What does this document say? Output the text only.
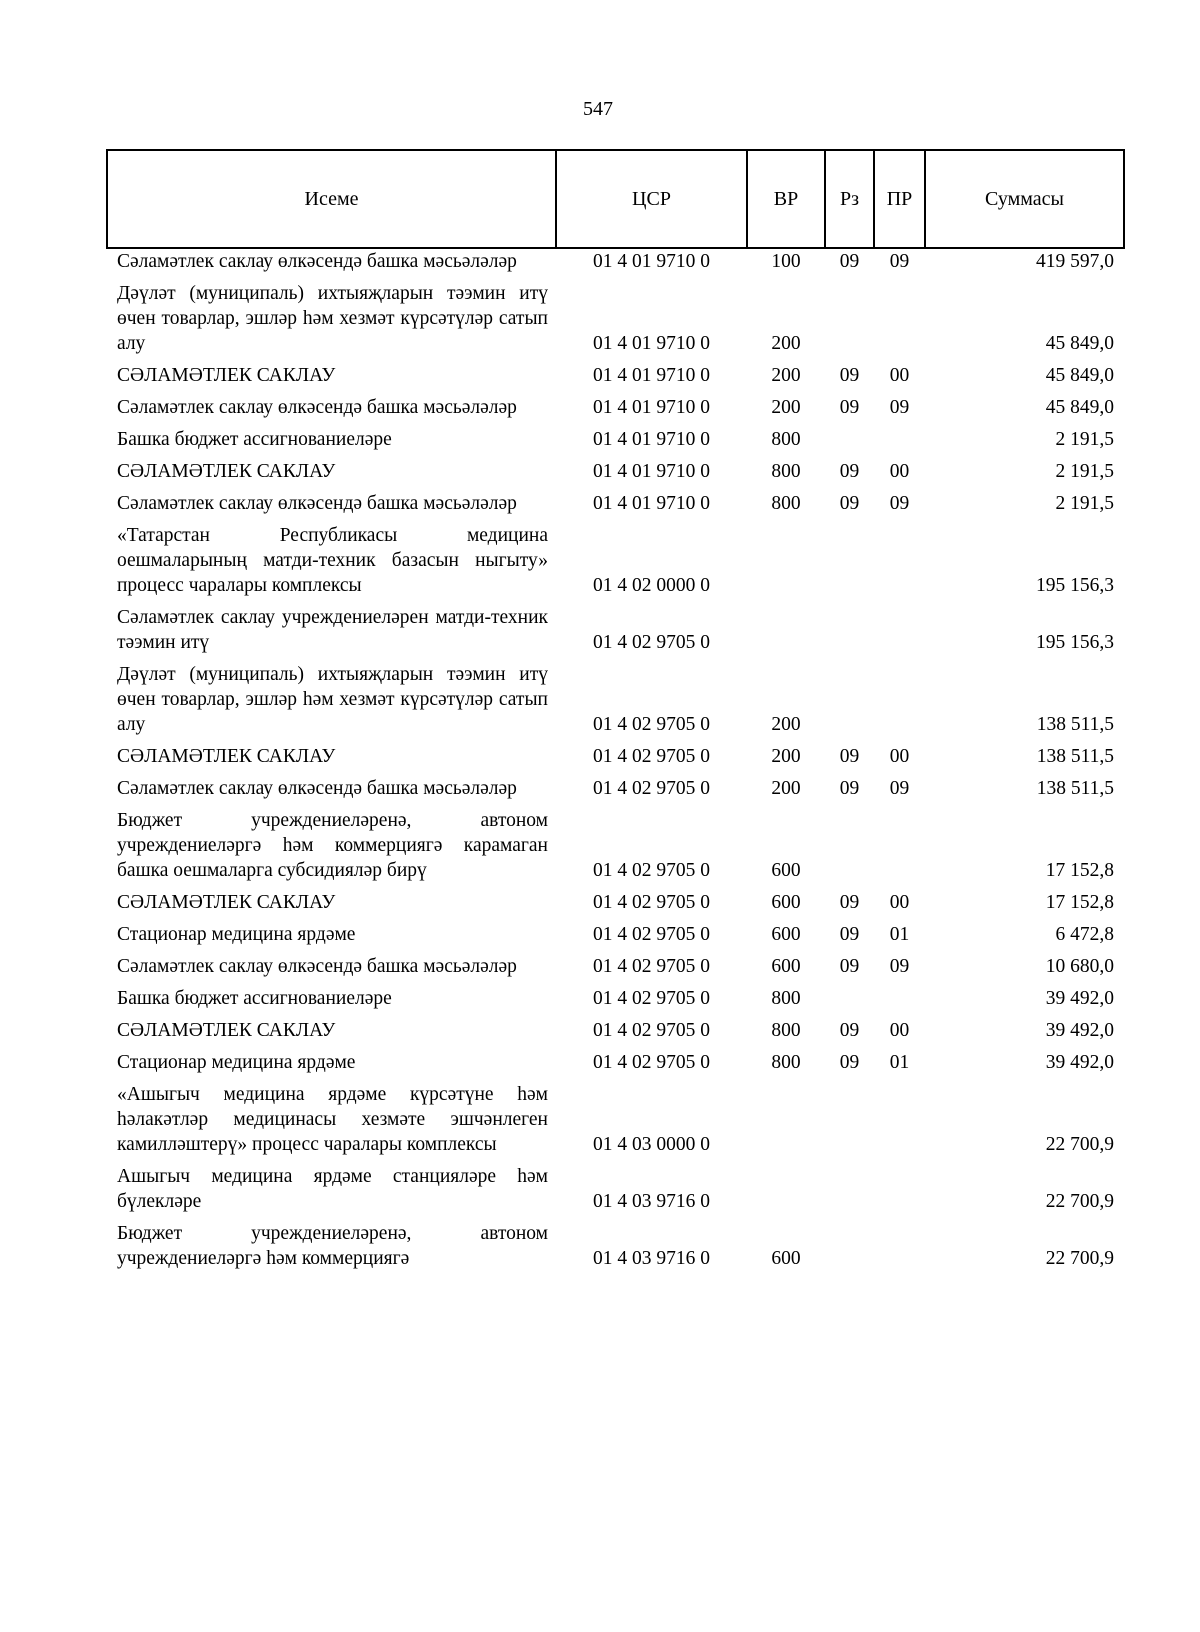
547
Исеме	ЦСР	ВР	Рз	ПР	Суммасы
Сәламәтлек саклау өлкәсендә башка мәсьәләләр	01 4 01 9710 0	100	09	09	419 597,0
Дәүләт (муниципаль) ихтыяҗларын тәэмин итү өчен товарлар, эшләр һәм хезмәт күрсәтүләр сатып алу	01 4 01 9710 0	200			45 849,0
СӘЛАМӘТЛЕК САКЛАУ	01 4 01 9710 0	200	09	00	45 849,0
Сәламәтлек саклау өлкәсендә башка мәсьәләләр	01 4 01 9710 0	200	09	09	45 849,0
Башка бюджет ассигнованиеләре	01 4 01 9710 0	800			2 191,5
СӘЛАМӘТЛЕК САКЛАУ	01 4 01 9710 0	800	09	00	2 191,5
Сәламәтлек саклау өлкәсендә башка мәсьәләләр	01 4 01 9710 0	800	09	09	2 191,5
«Татарстан Республикасы медицина оешмаларының матди-техник базасын ныгыту» процесс чаралары комплексы	01 4 02 0000 0				195 156,3
Сәламәтлек саклау учреждениеләрен матди-техник тәэмин итү	01 4 02 9705 0				195 156,3
Дәүләт (муниципаль) ихтыяҗларын тәэмин итү өчен товарлар, эшләр һәм хезмәт күрсәтүләр сатып алу	01 4 02 9705 0	200			138 511,5
СӘЛАМӘТЛЕК САКЛАУ	01 4 02 9705 0	200	09	00	138 511,5
Сәламәтлек саклау өлкәсендә башка мәсьәләләр	01 4 02 9705 0	200	09	09	138 511,5
Бюджет учреждениеләренә, автоном учреждениеләргә һәм коммерциягә карамаган башка оешмаларга субсидияләр бирү	01 4 02 9705 0	600			17 152,8
СӘЛАМӘТЛЕК САКЛАУ	01 4 02 9705 0	600	09	00	17 152,8
Стационар медицина ярдәме	01 4 02 9705 0	600	09	01	6 472,8
Сәламәтлек саклау өлкәсендә башка мәсьәләләр	01 4 02 9705 0	600	09	09	10 680,0
Башка бюджет ассигнованиеләре	01 4 02 9705 0	800			39 492,0
СӘЛАМӘТЛЕК САКЛАУ	01 4 02 9705 0	800	09	00	39 492,0
Стационар медицина ярдәме	01 4 02 9705 0	800	09	01	39 492,0
«Ашыгыч медицина ярдәме күрсәтүне һәм һәлакәтләр медицинасы хезмәте эшчәнлеген камилләштерү» процесс чаралары комплексы	01 4 03 0000 0				22 700,9
Ашыгыч медицина ярдәме станцияләре һәм бүлекләре	01 4 03 9716 0				22 700,9
Бюджет учреждениеләренә, автоном учреждениеләргә һәм коммерциягә	01 4 03 9716 0	600			22 700,9
